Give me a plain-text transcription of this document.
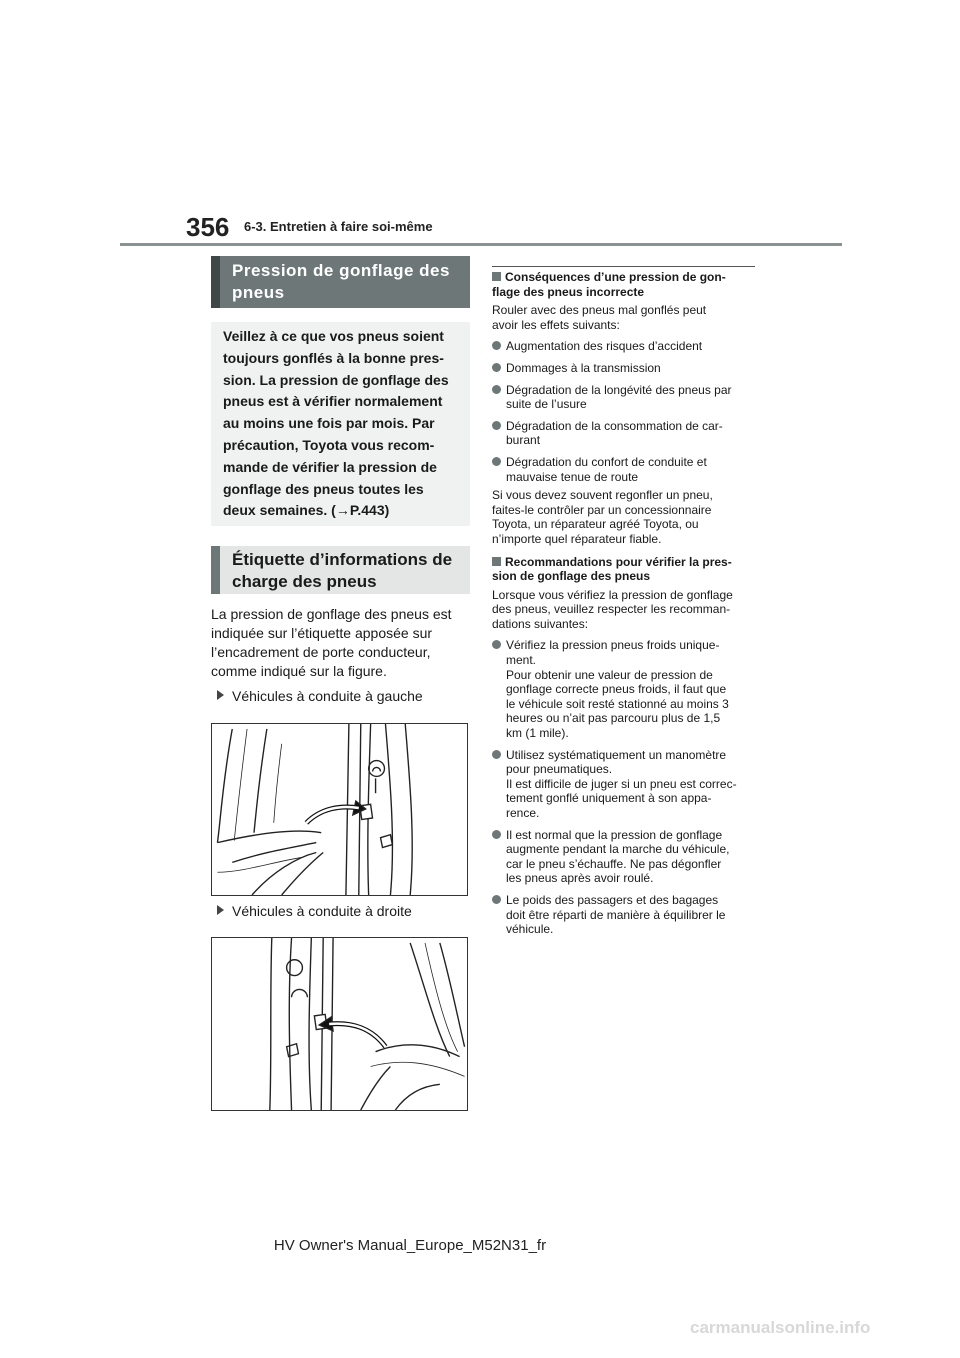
356 6-3. Entretien à faire soi-même
Pression de gonflage des
pneus
Veillez à ce que vos pneus soient
toujours gonflés à la bonne pres-
sion. La pression de gonflage des
pneus est à vérifier normalement
au moins une fois par mois. Par
précaution, Toyota vous recom-
mande de vérifier la pression de
gonflage des pneus toutes les
deux semaines. (→P.443)
Étiquette d’informations de
charge des pneus
La pression de gonflage des pneus est
indiquée sur l’étiquette apposée sur
l’encadrement de porte conducteur,
comme indiqué sur la figure.
Véhicules à conduite à gauche
Véhicules à conduite à droite
Conséquences d’une pression de gon-
flage des pneus incorrecte
Rouler avec des pneus mal gonflés peut
avoir les effets suivants:
Augmentation des risques d’accident
Dommages à la transmission
Dégradation de la longévité des pneus par
suite de l’usure
Dégradation de la consommation de car-
burant
Dégradation du confort de conduite et
mauvaise tenue de route
Si vous devez souvent regonfler un pneu,
faites-le contrôler par un concessionnaire
Toyota, un réparateur agréé Toyota, ou
n’importe quel réparateur fiable.
Recommandations pour vérifier la pres-
sion de gonflage des pneus
Lorsque vous vérifiez la pression de gonflage
des pneus, veuillez respecter les recomman-
dations suivantes:
Vérifiez la pression pneus froids unique-
ment.
Pour obtenir une valeur de pression de
gonflage correcte pneus froids, il faut que
le véhicule soit resté stationné au moins 3
heures ou n’ait pas parcouru plus de 1,5
km (1 mile).
Utilisez systématiquement un manomètre
pour pneumatiques.
Il est difficile de juger si un pneu est correc-
tement gonflé uniquement à son appa-
rence.
Il est normal que la pression de gonflage
augmente pendant la marche du véhicule,
car le pneu s’échauffe. Ne pas dégonfler
les pneus après avoir roulé.
Le poids des passagers et des bagages
doit être réparti de manière à équilibrer le
véhicule.
HV Owner's Manual_Europe_M52N31_fr
carmanualsonline.info
